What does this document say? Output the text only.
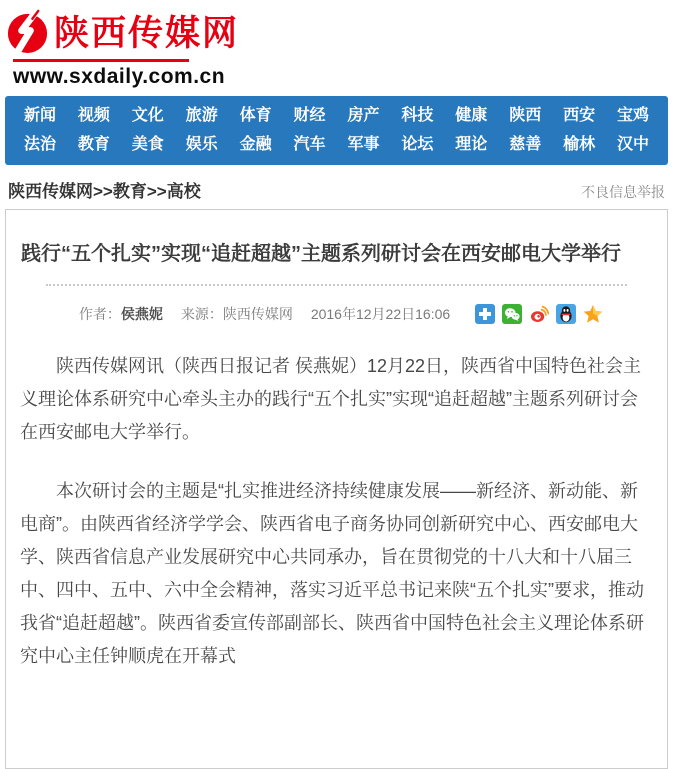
陕西传媒网
www.sxdaily.com.cn
新闻	视频	文化	旅游	体育	财经	房产	科技	健康	陕西	西安	宝鸡
法治	教育	美食	娱乐	金融	汽车	军事	论坛	理论	慈善	榆林	汉中
陕西传媒网>>教育>>高校	不良信息举报
践行“五个扎实”实现“追赶超越”主题系列研讨会在西安邮电大学举行
作者：侯燕妮 来源：陕西传媒网 2016年12月22日16:06

陕西传媒网讯（陕西日报记者 侯燕妮）12月22日，陕西省中国特色社会主义理论体系研究中心牵头主办的践行“五个扎实”实现“追赶超越”主题系列研讨会在西安邮电大学举行。

本次研讨会的主题是“扎实推进经济持续健康发展——新经济、新动能、新电商”。由陕西省经济学学会、陕西省电子商务协同创新研究中心、西安邮电大学、陕西省信息产业发展研究中心共同承办，旨在贯彻党的十八大和十八届三中、四中、五中、六中全会精神，落实习近平总书记来陕“五个扎实”要求，推动我省“追赶超越”。陕西省委宣传部副部长、陕西省中国特色社会主义理论体系研究中心主任钟顺虎在开幕式
